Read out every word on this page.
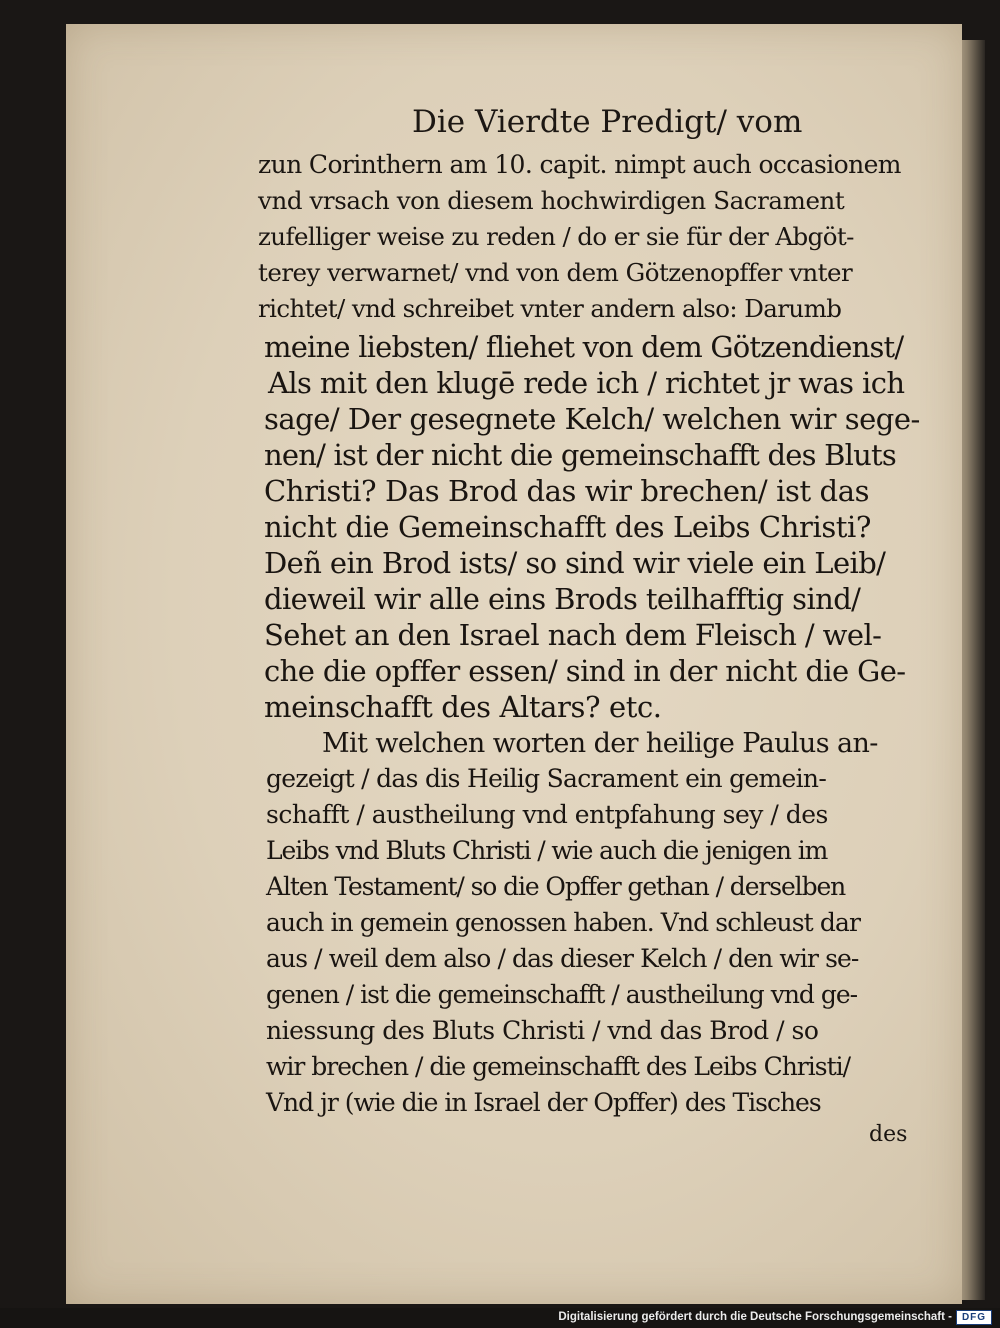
Die Vierdte Predigt/ vom
zun Corinthern am 10. capit. nimpt auch occasionem
vnd vrsach von diesem hochwirdigen Sacrament
zufelliger weise zu reden / do er sie für der Abgöt-
terey verwarnet/ vnd von dem Götzenopffer vnter
richtet/ vnd schreibet vnter andern also: Darumb
meine liebsten/ fliehet von dem Götzendienst/
Als mit den klugē rede ich / richtet jr was ich
sage/ Der gesegnete Kelch/ welchen wir sege-
nen/ ist der nicht die gemeinschafft des Bluts
Christi? Das Brod das wir brechen/ ist das
nicht die Gemeinschafft des Leibs Christi?
Deñ ein Brod ists/ so sind wir viele ein Leib/
dieweil wir alle eins Brods teilhafftig sind/
Sehet an den Israel nach dem Fleisch / wel-
che die opffer essen/ sind in der nicht die Ge-
meinschafft des Altars? etc.
Mit welchen worten der heilige Paulus an-
gezeigt / das dis Heilig Sacrament ein gemein-
schafft / austheilung vnd entpfahung sey / des
Leibs vnd Bluts Christi / wie auch die jenigen im
Alten Testament/ so die Opffer gethan / derselben
auch in gemein genossen haben. Vnd schleust dar
aus / weil dem also / das dieser Kelch / den wir se-
genen / ist die gemeinschafft / austheilung vnd ge-
niessung des Bluts Christi / vnd das Brod / so
wir brechen / die gemeinschafft des Leibs Christi/
Vnd jr (wie die in Israel der Opffer) des Tisches
des
Digitalisierung gefördert durch die Deutsche Forschungsgemeinschaft - DFG
